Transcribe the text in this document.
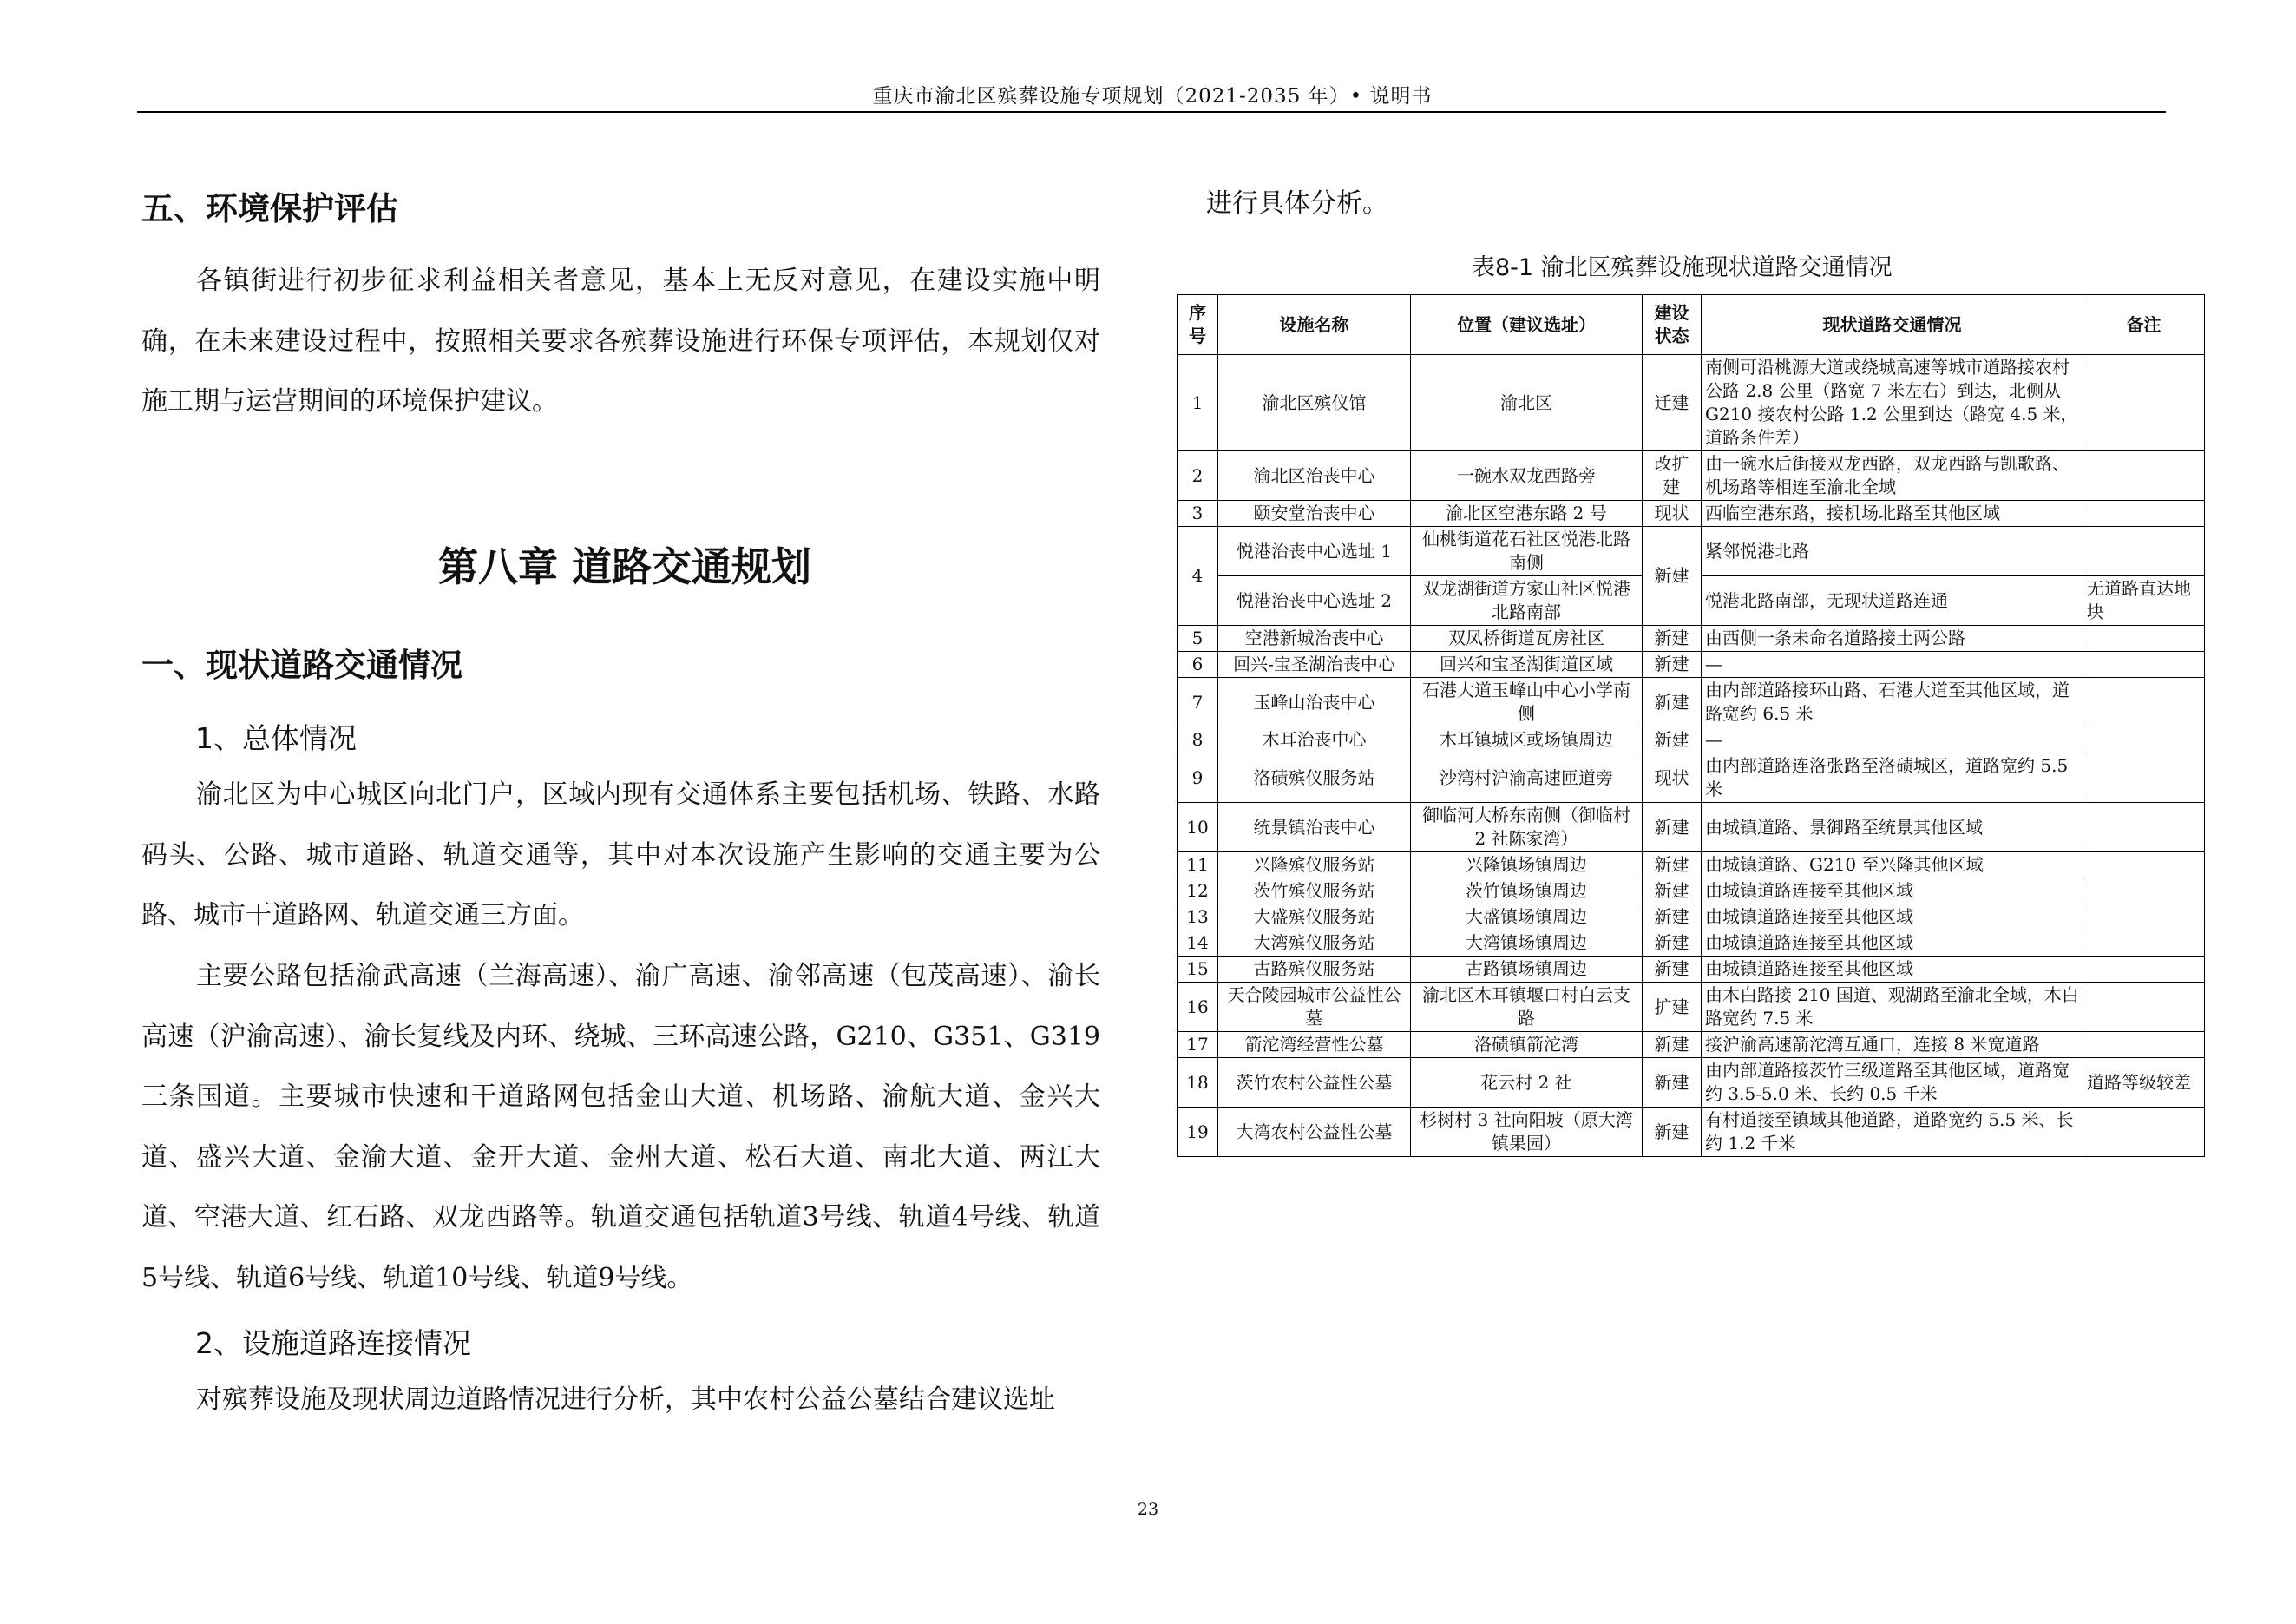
重庆市渝北区殡葬设施专项规划（2021-2035 年）• 说明书
五、环境保护评估

各镇街进行初步征求利益相关者意见，基本上无反对意见，在建设实施中明确，在未来建设过程中，按照相关要求各殡葬设施进行环保专项评估，本规划仅对施工期与运营期间的环境保护建议。

第八章 道路交通规划
一、现状道路交通情况
1、总体情况

渝北区为中心城区向北门户，区域内现有交通体系主要包括机场、铁路、水路码头、公路、城市道路、轨道交通等，其中对本次设施产生影响的交通主要为公路、城市干道路网、轨道交通三方面。

主要公路包括渝武高速（兰海高速）、渝广高速、渝邻高速（包茂高速）、渝长高速（沪渝高速）、渝长复线及内环、绕城、三环高速公路，G210、G351、G319三条国道。主要城市快速和干道路网包括金山大道、机场路、渝航大道、金兴大道、盛兴大道、金渝大道、金开大道、金州大道、松石大道、南北大道、两江大道、空港大道、红石路、双龙西路等。轨道交通包括轨道3号线、轨道4号线、轨道5号线、轨道6号线、轨道10号线、轨道9号线。

2、设施道路连接情况

对殡葬设施及现状周边道路情况进行分析，其中农村公益公墓结合建议选址

进行具体分析。

表8-1 渝北区殡葬设施现状道路交通情况
序号	设施名称	位置（建议选址）	建设状态	现状道路交通情况	备注
1	渝北区殡仪馆	渝北区	迁建	南侧可沿桃源大道或绕城高速等城市道路接农村公路 2.8 公里（路宽 7 米左右）到达，北侧从 G210 接农村公路 1.2 公里到达（路宽 4.5 米，道路条件差）	
2	渝北区治丧中心	一碗水双龙西路旁	改扩建	由一碗水后街接双龙西路，双龙西路与凯歌路、机场路等相连至渝北全域	
3	颐安堂治丧中心	渝北区空港东路 2 号	现状	西临空港东路，接机场北路至其他区域	
4	悦港治丧中心选址 1	仙桃街道花石社区悦港北路南侧	新建	紧邻悦港北路	
	悦港治丧中心选址 2	双龙湖街道方家山社区悦港北路南部		悦港北路南部，无现状道路连通	无道路直达地块
5	空港新城治丧中心	双凤桥街道瓦房社区	新建	由西侧一条未命名道路接土两公路	
6	回兴-宝圣湖治丧中心	回兴和宝圣湖街道区域	新建	—	
7	玉峰山治丧中心	石港大道玉峰山中心小学南侧	新建	由内部道路接环山路、石港大道至其他区域，道路宽约 6.5 米	
8	木耳治丧中心	木耳镇城区或场镇周边	新建	—	
9	洛碛殡仪服务站	沙湾村沪渝高速匝道旁	现状	由内部道路连洛张路至洛碛城区，道路宽约 5.5 米	
10	统景镇治丧中心	御临河大桥东南侧（御临村 2 社陈家湾）	新建	由城镇道路、景御路至统景其他区域	
11	兴隆殡仪服务站	兴隆镇场镇周边	新建	由城镇道路、G210 至兴隆其他区域	
12	茨竹殡仪服务站	茨竹镇场镇周边	新建	由城镇道路连接至其他区域	
13	大盛殡仪服务站	大盛镇场镇周边	新建	由城镇道路连接至其他区域	
14	大湾殡仪服务站	大湾镇场镇周边	新建	由城镇道路连接至其他区域	
15	古路殡仪服务站	古路镇场镇周边	新建	由城镇道路连接至其他区域	
16	天合陵园城市公益性公墓	渝北区木耳镇堰口村白云支路	扩建	由木白路接 210 国道、观湖路至渝北全域，木白路宽约 7.5 米	
17	箭沱湾经营性公墓	洛碛镇箭沱湾	新建	接沪渝高速箭沱湾互通口，连接 8 米宽道路	
18	茨竹农村公益性公墓	花云村 2 社	新建	由内部道路接茨竹三级道路至其他区域，道路宽约 3.5-5.0 米、长约 0.5 千米	道路等级较差
19	大湾农村公益性公墓	杉树村 3 社向阳坡（原大湾镇果园）	新建	有村道接至镇域其他道路，道路宽约 5.5 米、长约 1.2 千米	
23
